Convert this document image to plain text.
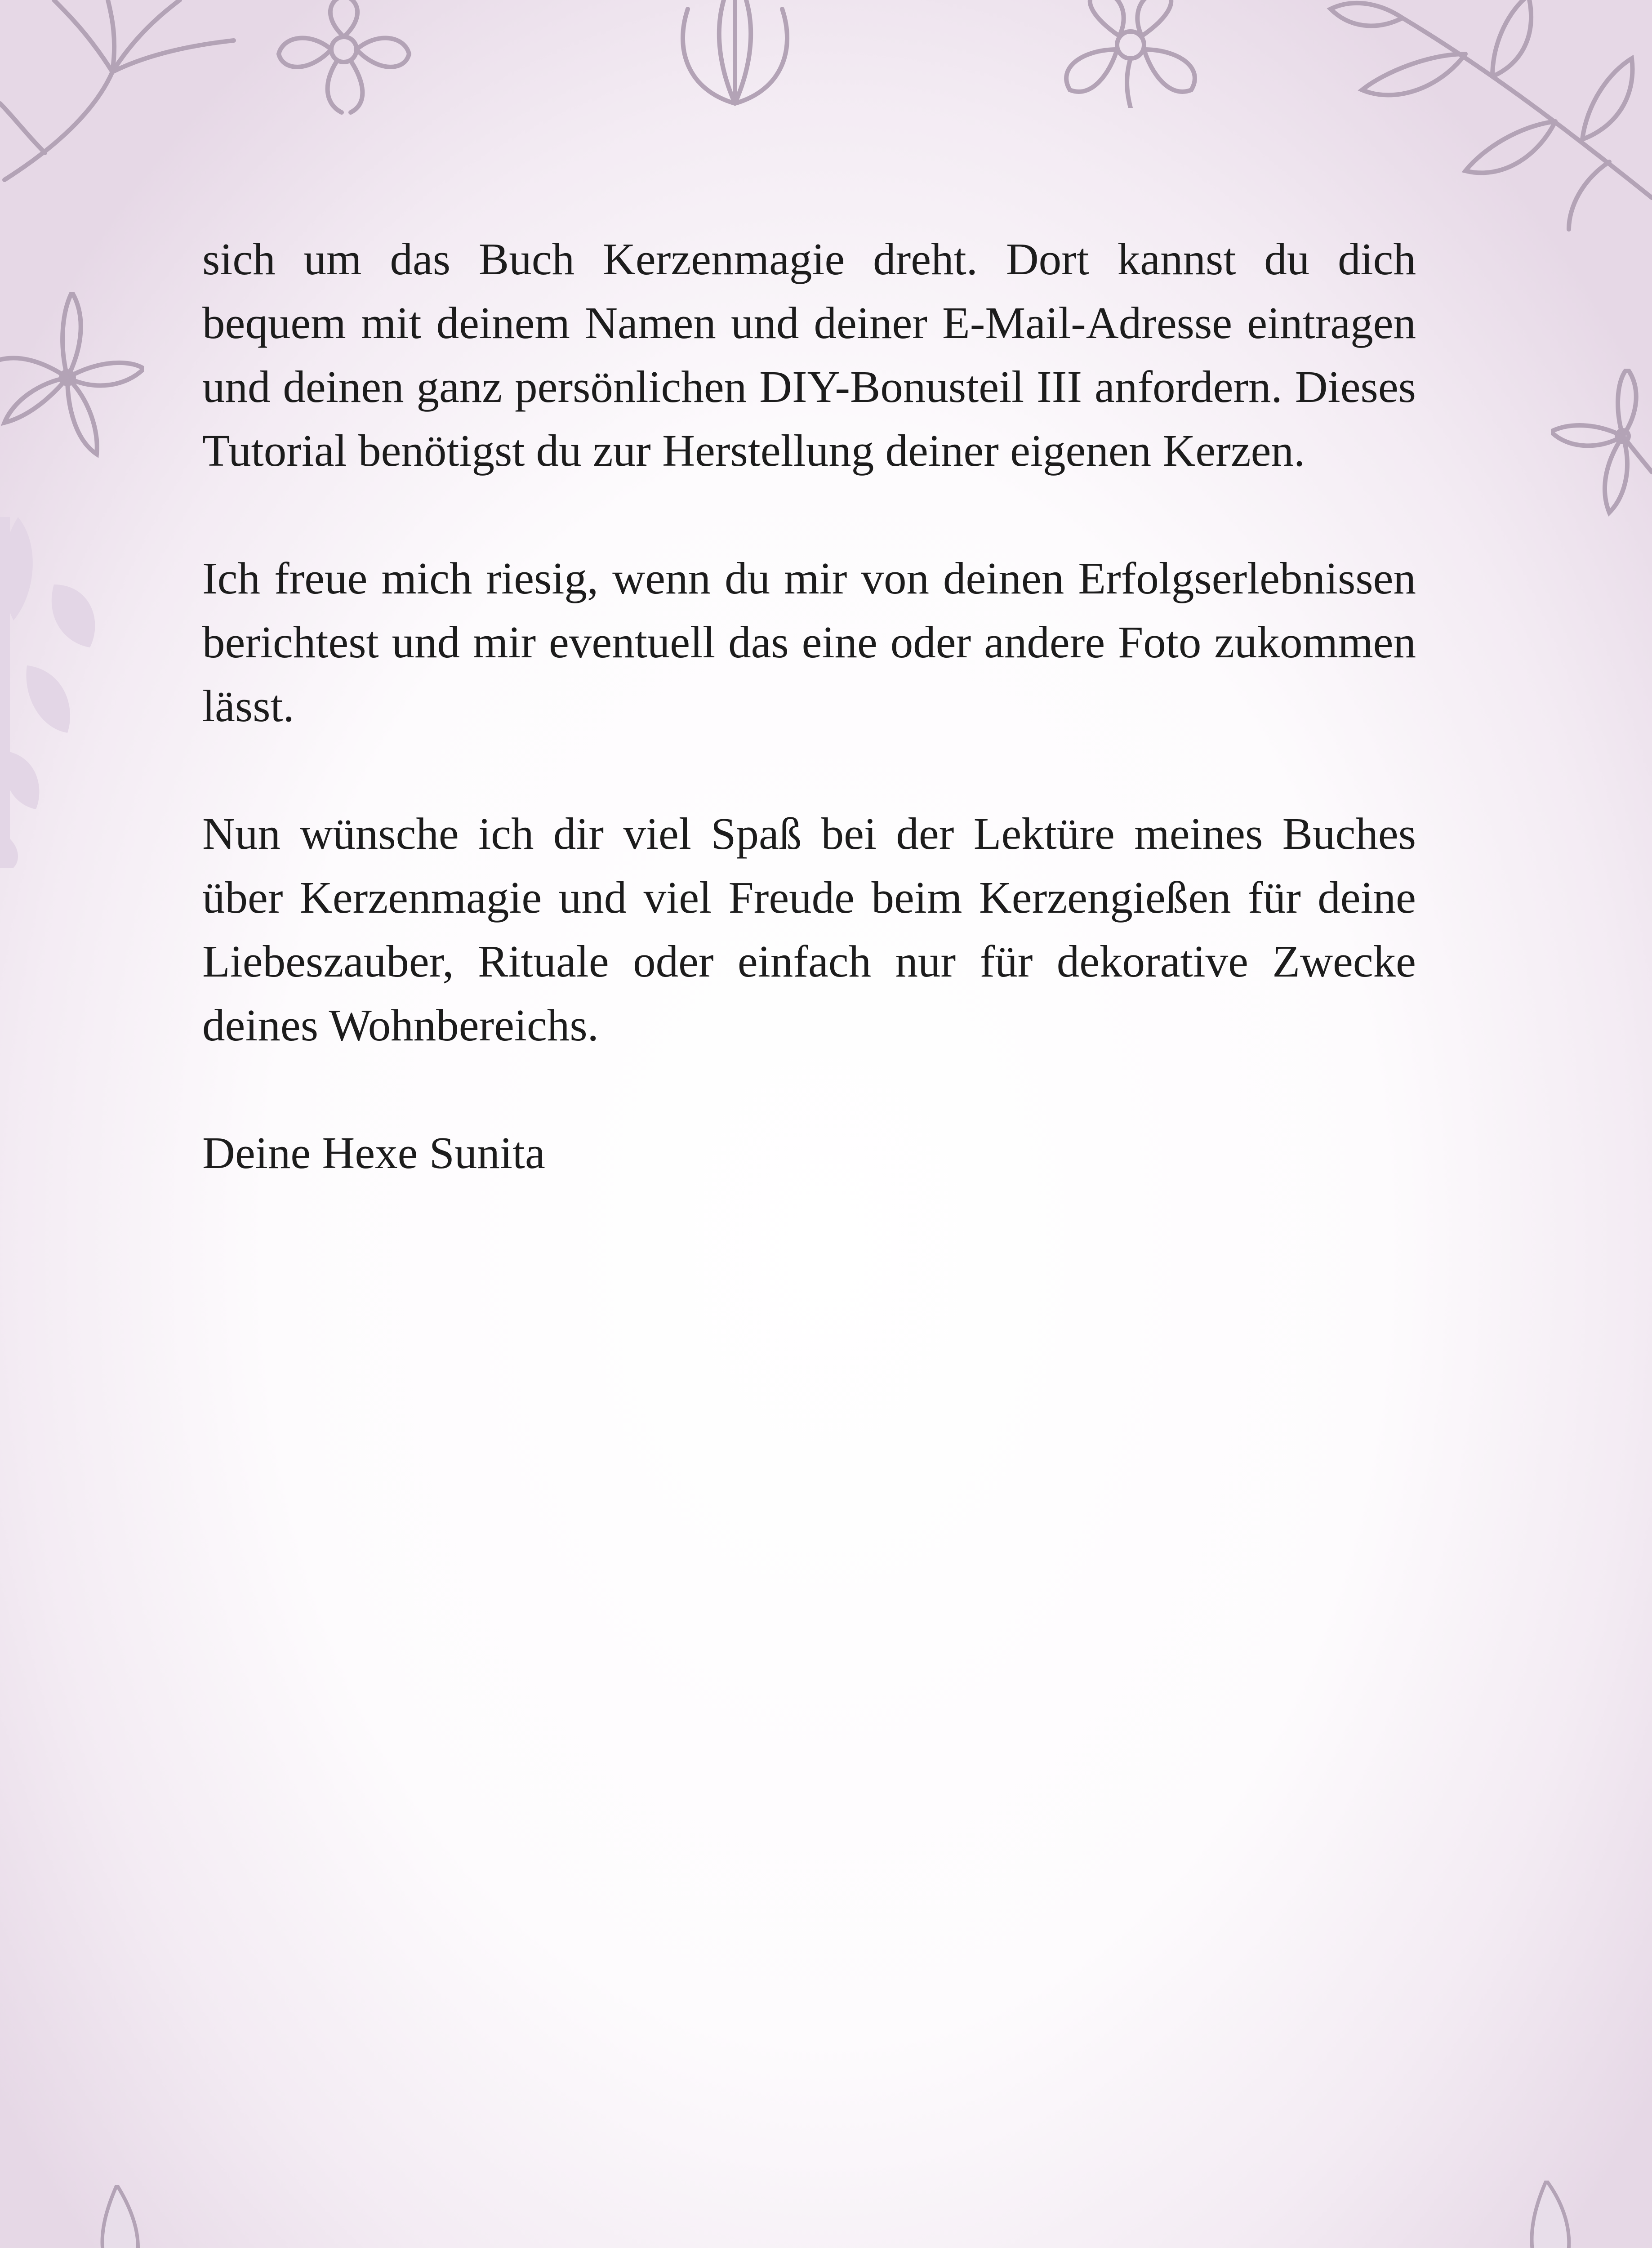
sich um das Buch Kerzenmagie dreht. Dort kannst du dich bequem mit deinem Namen und deiner E-Mail-Adresse eintragen und deinen ganz persönlichen DIY-Bonusteil III anfordern. Dieses Tutorial benötigst du zur Herstellung deiner eigenen Kerzen.

Ich freue mich riesig, wenn du mir von deinen Erfolgserlebnissen berichtest und mir eventuell das eine oder andere Foto zukommen lässt.

Nun wünsche ich dir viel Spaß bei der Lektüre meines Buches über Kerzenmagie und viel Freude beim Kerzengießen für deine Liebeszauber, Rituale oder einfach nur für dekorative Zwecke deines Wohnbereichs.

Deine Hexe Sunita
